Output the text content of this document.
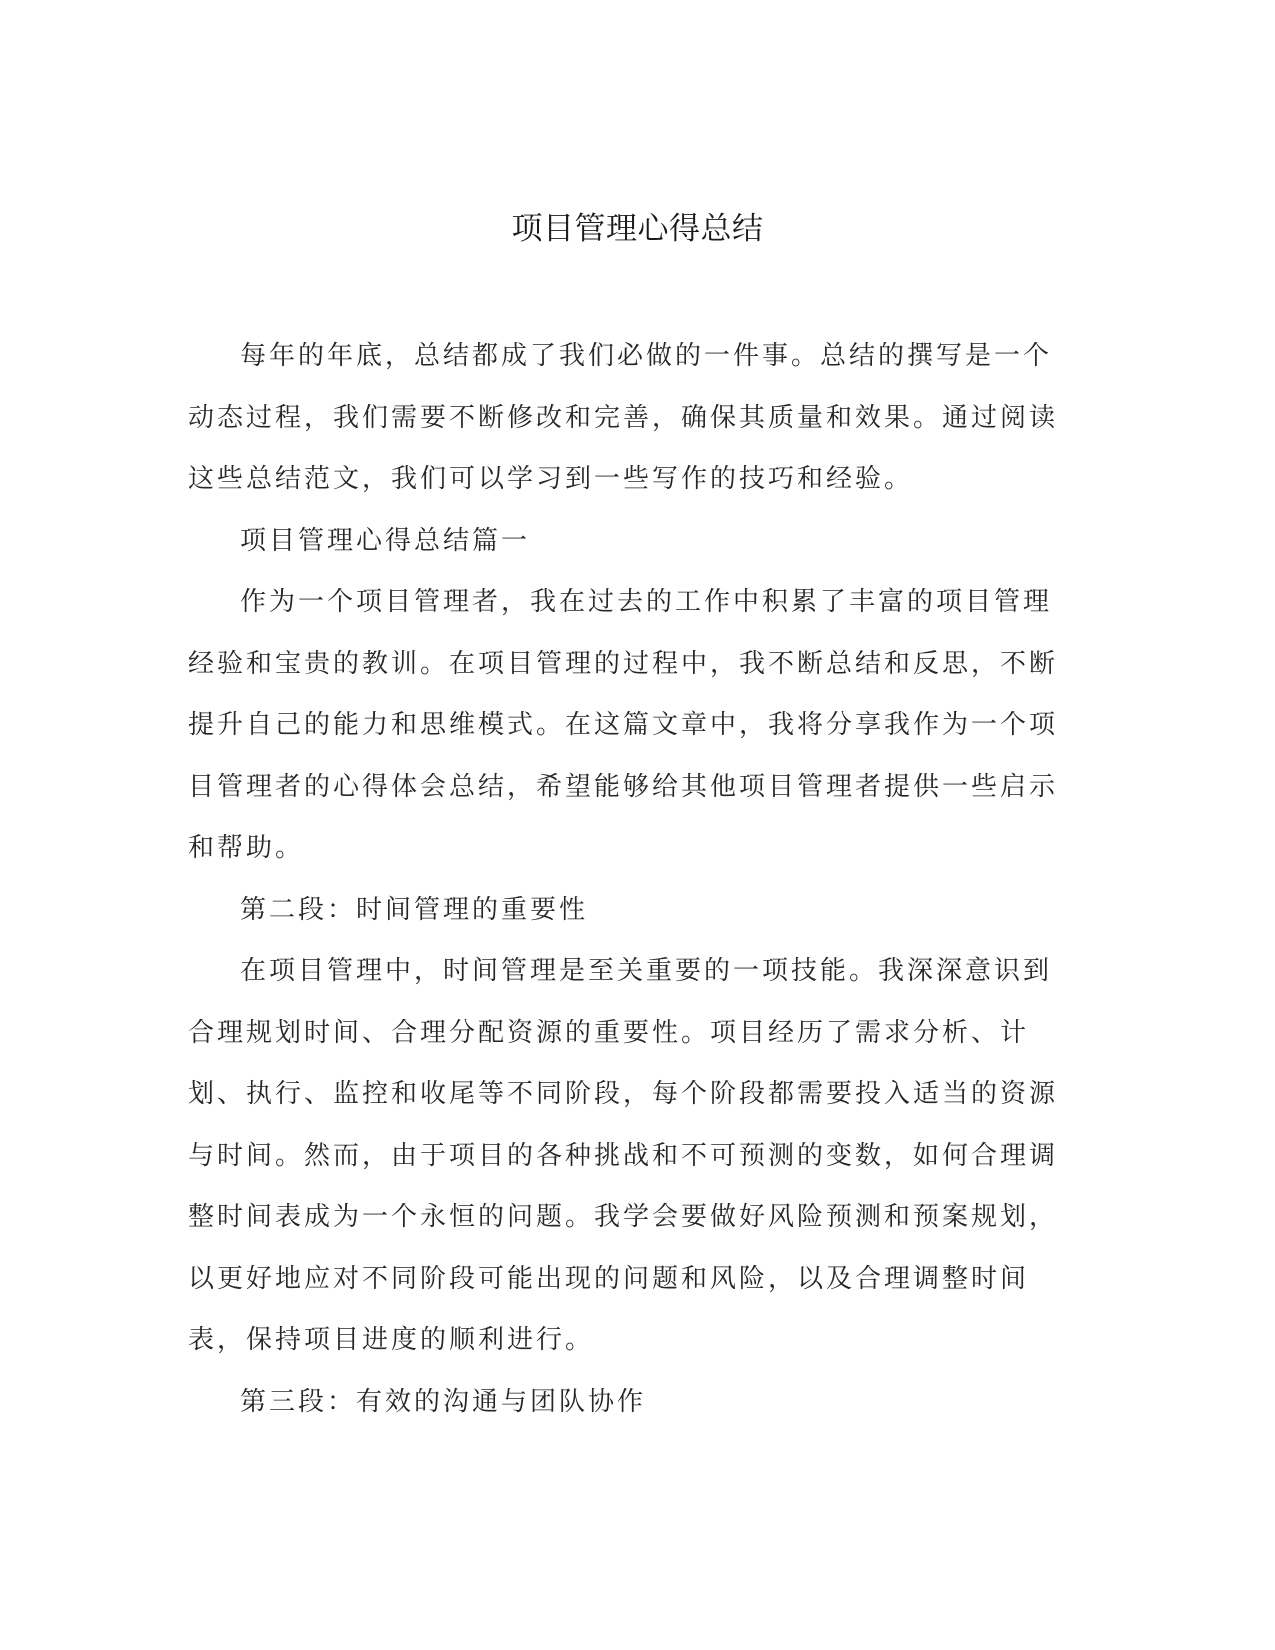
项目管理心得总结

每年的年底，总结都成了我们必做的一件事。总结的撰写是一个动态过程，我们需要不断修改和完善，确保其质量和效果。通过阅读这些总结范文，我们可以学习到一些写作的技巧和经验。

项目管理心得总结篇一

作为一个项目管理者，我在过去的工作中积累了丰富的项目管理经验和宝贵的教训。在项目管理的过程中，我不断总结和反思，不断提升自己的能力和思维模式。在这篇文章中，我将分享我作为一个项目管理者的心得体会总结，希望能够给其他项目管理者提供一些启示和帮助。

第二段：时间管理的重要性

在项目管理中，时间管理是至关重要的一项技能。我深深意识到合理规划时间、合理分配资源的重要性。项目经历了需求分析、计划、执行、监控和收尾等不同阶段，每个阶段都需要投入适当的资源与时间。然而，由于项目的各种挑战和不可预测的变数，如何合理调整时间表成为一个永恒的问题。我学会要做好风险预测和预案规划，以更好地应对不同阶段可能出现的问题和风险，以及合理调整时间表，保持项目进度的顺利进行。

第三段：有效的沟通与团队协作
